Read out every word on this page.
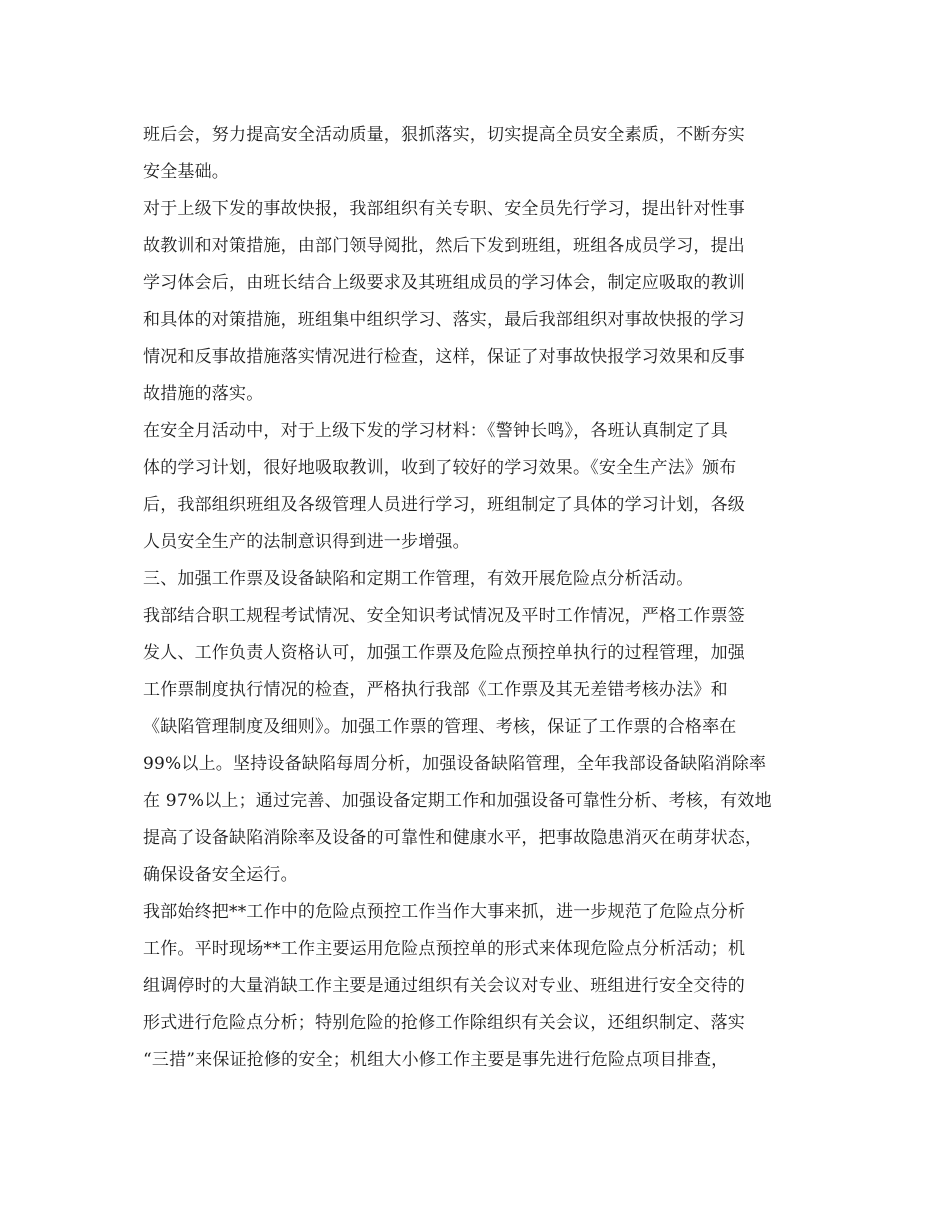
班后会，努力提高安全活动质量，狠抓落实，切实提高全员安全素质，不断夯实
安全基础。
对于上级下发的事故快报，我部组织有关专职、安全员先行学习，提出针对性事
故教训和对策措施，由部门领导阅批，然后下发到班组，班组各成员学习，提出
学习体会后，由班长结合上级要求及其班组成员的学习体会，制定应吸取的教训
和具体的对策措施，班组集中组织学习、落实，最后我部组织对事故快报的学习
情况和反事故措施落实情况进行检查，这样，保证了对事故快报学习效果和反事
故措施的落实。
在安全月活动中，对于上级下发的学习材料：《警钟长鸣》，各班认真制定了具
体的学习计划，很好地吸取教训，收到了较好的学习效果。《安全生产法》颁布
后，我部组织班组及各级管理人员进行学习，班组制定了具体的学习计划，各级
人员安全生产的法制意识得到进一步增强。
三、加强工作票及设备缺陷和定期工作管理，有效开展危险点分析活动。
我部结合职工规程考试情况、安全知识考试情况及平时工作情况，严格工作票签
发人、工作负责人资格认可，加强工作票及危险点预控单执行的过程管理，加强
工作票制度执行情况的检查，严格执行我部《工作票及其无差错考核办法》和
《缺陷管理制度及细则》。加强工作票的管理、考核，保证了工作票的合格率在
99%以上。坚持设备缺陷每周分析，加强设备缺陷管理，全年我部设备缺陷消除率
在 97%以上；通过完善、加强设备定期工作和加强设备可靠性分析、考核，有效地
提高了设备缺陷消除率及设备的可靠性和健康水平，把事故隐患消灭在萌芽状态，
确保设备安全运行。
我部始终把**工作中的危险点预控工作当作大事来抓，进一步规范了危险点分析
工作。平时现场**工作主要运用危险点预控单的形式来体现危险点分析活动；机
组调停时的大量消缺工作主要是通过组织有关会议对专业、班组进行安全交待的
形式进行危险点分析；特别危险的抢修工作除组织有关会议，还组织制定、落实
“三措”来保证抢修的安全；机组大小修工作主要是事先进行危险点项目排查，
